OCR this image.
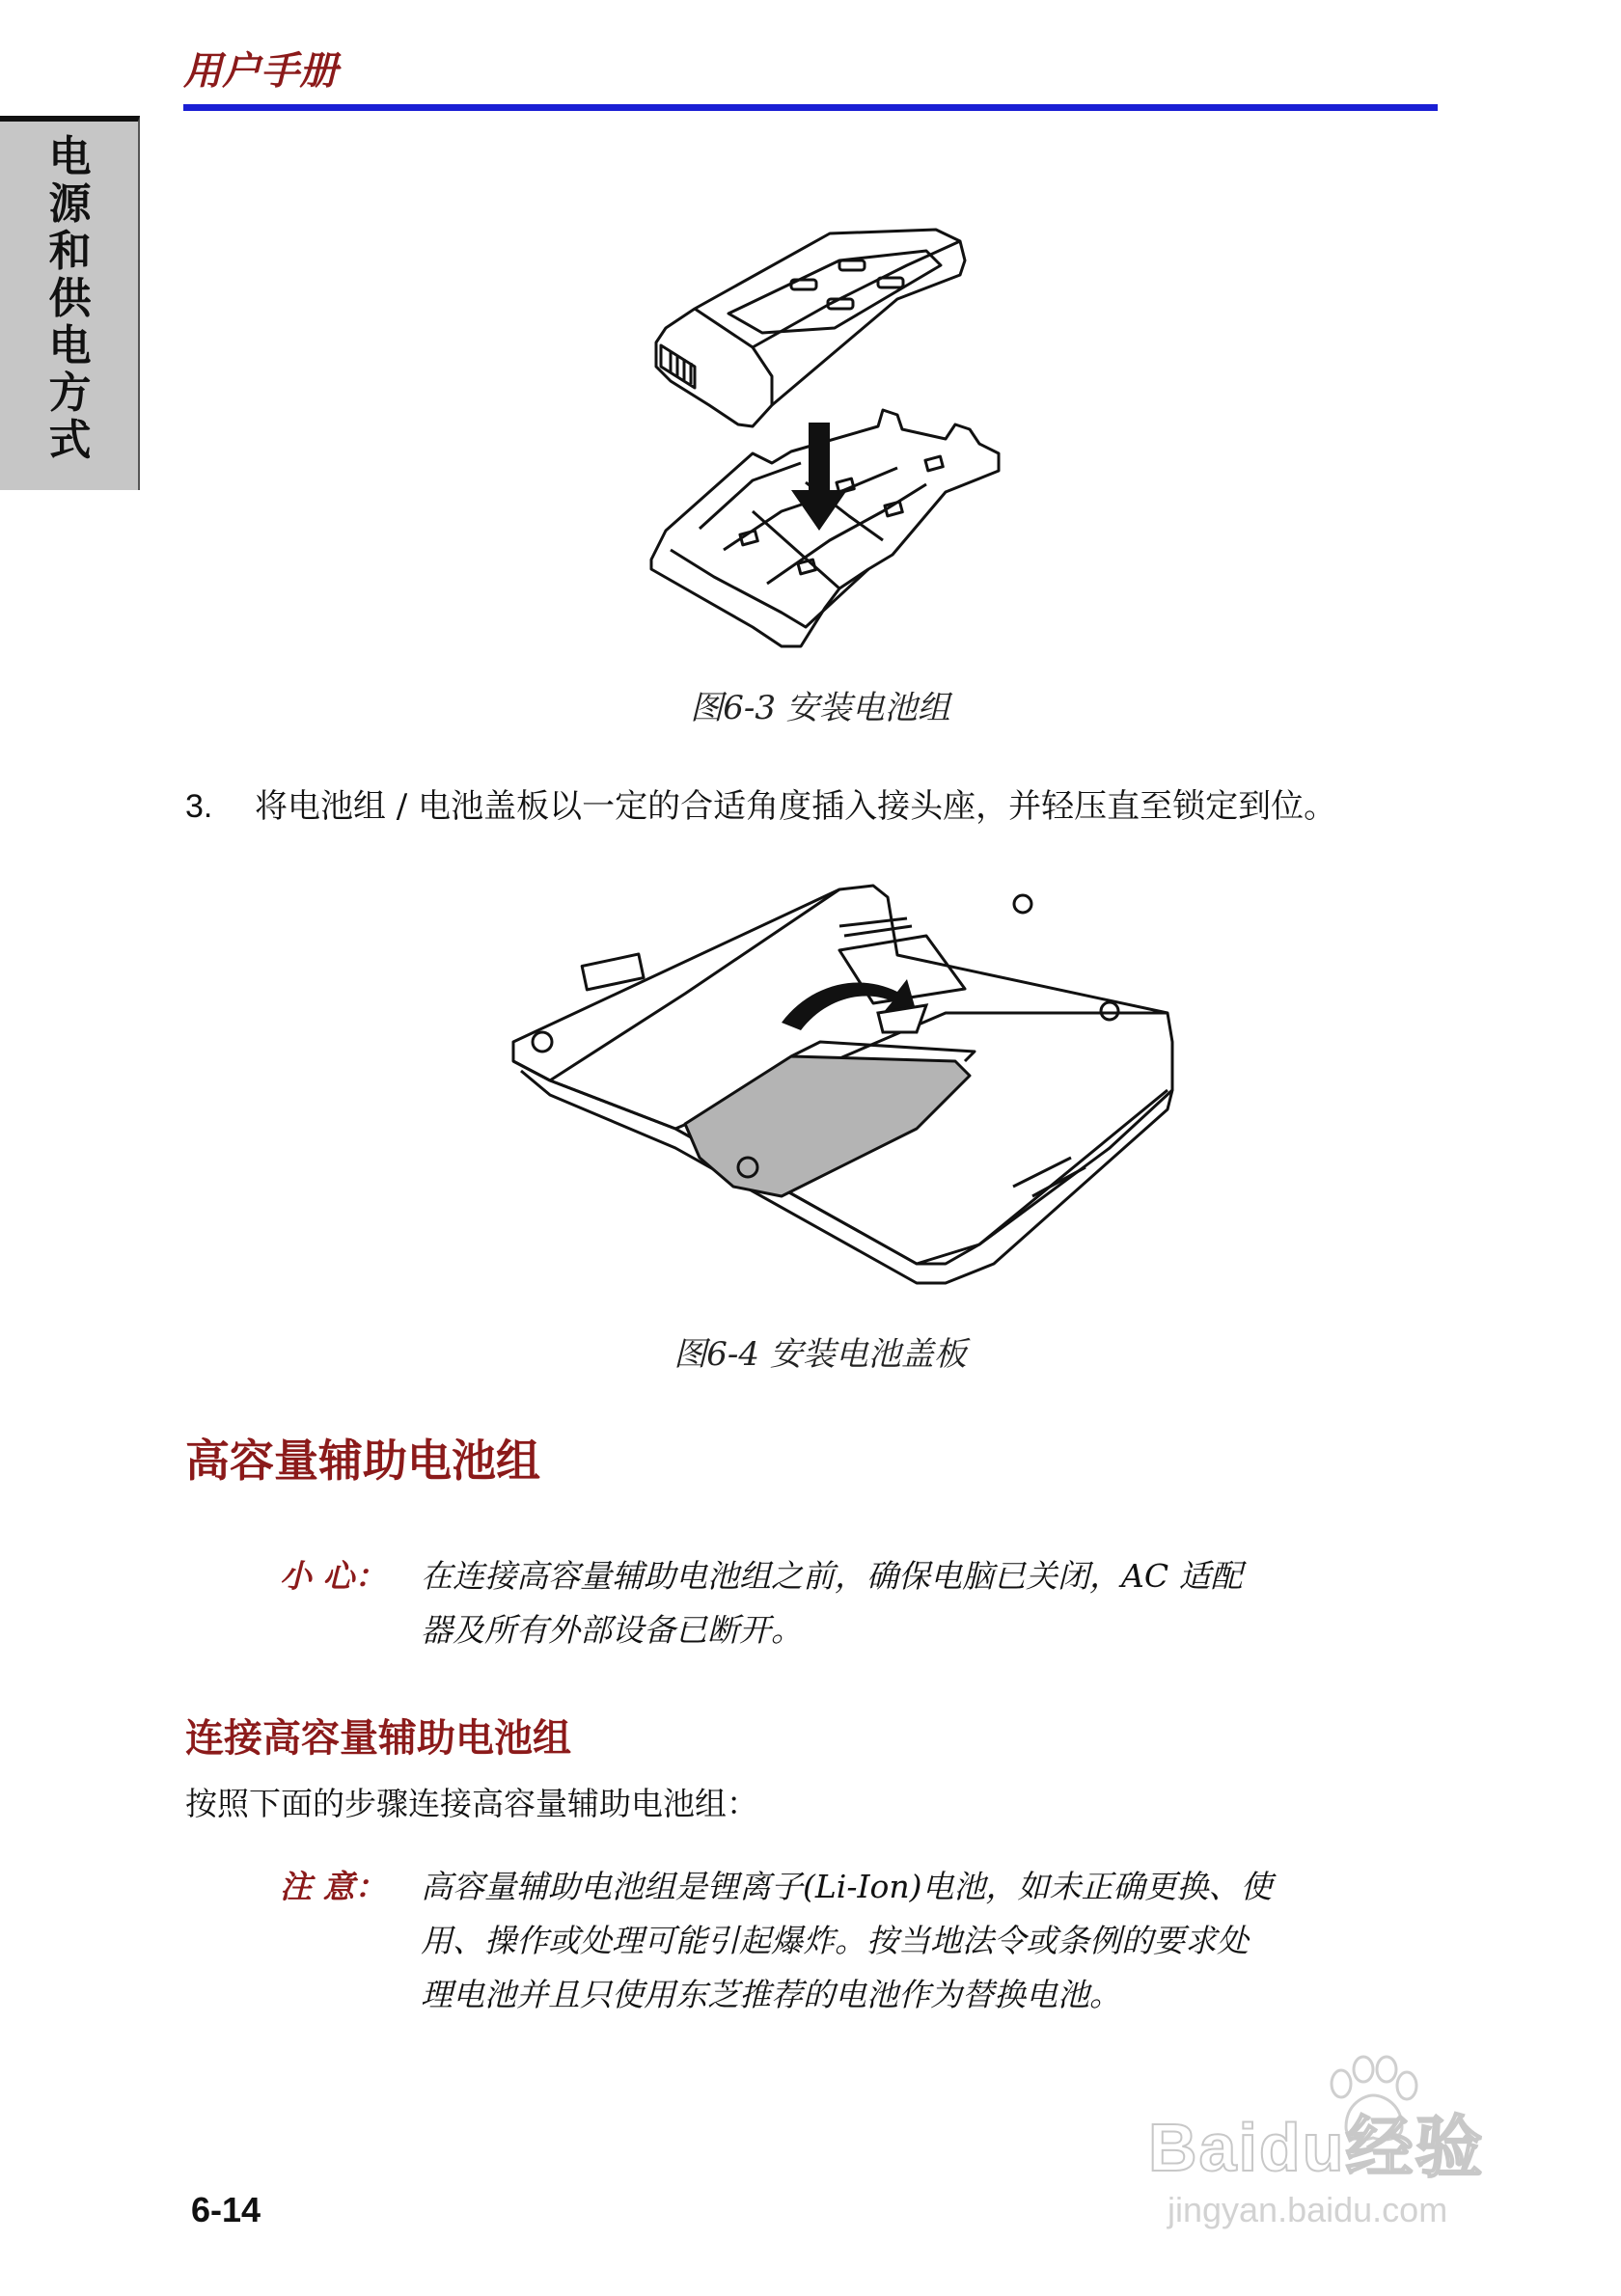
用户手册
电
源
和
供
电
方
式
图6-3 安装电池组
3. 将电池组 / 电池盖板以一定的合适角度插入接头座，并轻压直至锁定到位。
图6-4 安装电池盖板
高容量辅助电池组
小 心：	在连接高容量辅助电池组之前，确保电脑已关闭，AC 适配
器及所有外部设备已断开。
连接高容量辅助电池组
按照下面的步骤连接高容量辅助电池组：
注 意：	高容量辅助电池组是锂离子(Li-Ion)电池，如未正确更换、使
用、操作或处理可能引起爆炸。按当地法令或条例的要求处
理电池并且只使用东芝推荐的电池作为替换电池。
6-14
Baidu经验
jingyan.baidu.com
